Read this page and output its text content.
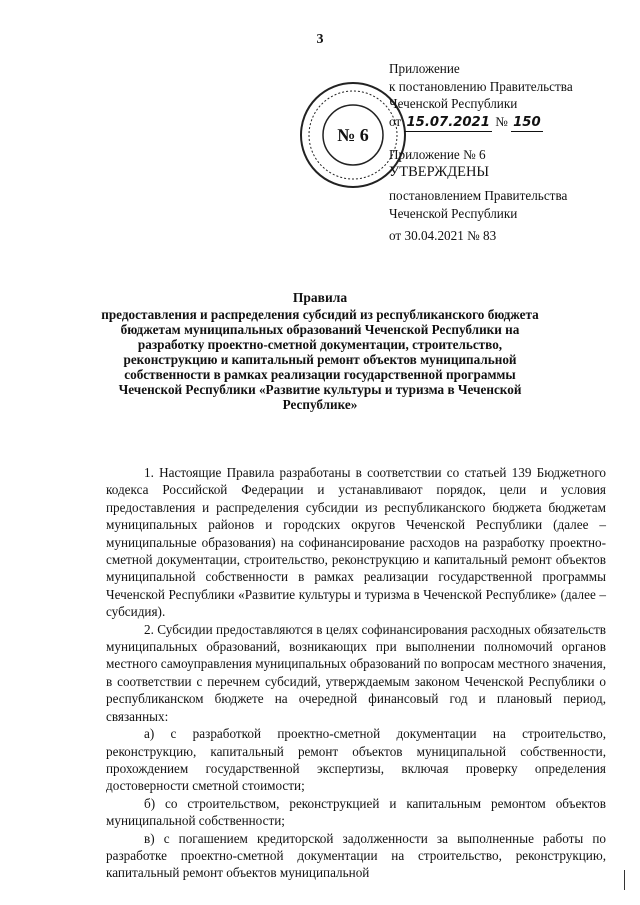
3
№ 6
Приложение
к постановлению Правительства
Чеченской Республики
от 15.07.2021 № 150
Приложение № 6
УТВЕРЖДЕНЫ
постановлением Правительства
Чеченской Республики
от 30.04.2021 № 83
Правила
предоставления и распределения субсидий из республиканского бюджета бюджетам муниципальных образований Чеченской Республики на разработку проектно-сметной документации, строительство, реконструкцию и капитальный ремонт объектов муниципальной собственности в рамках реализации государственной программы Чеченской Республики «Развитие культуры и туризма в Чеченской Республике»

1. Настоящие Правила разработаны в соответствии со статьей 139 Бюджетного кодекса Российской Федерации и устанавливают порядок, цели и условия предоставления и распределения субсидии из республиканского бюджета бюджетам муниципальных районов и городских округов Чеченской Республики (далее – муниципальные образования) на софинансирование расходов на разработку проектно-сметной документации, строительство, реконструкцию и капитальный ремонт объектов муниципальной собственности в рамках реализации государственной программы Чеченской Республики «Развитие культуры и туризма в Чеченской Республике» (далее – субсидия).

2. Субсидии предоставляются в целях софинансирования расходных обязательств муниципальных образований, возникающих при выполнении полномочий органов местного самоуправления муниципальных образований по вопросам местного значения, в соответствии с перечнем субсидий, утверждаемым законом Чеченской Республики о республиканском бюджете на очередной финансовый год и плановый период, связанных:

а) с разработкой проектно-сметной документации на строительство, реконструкцию, капитальный ремонт объектов муниципальной собственности, прохождением государственной экспертизы, включая проверку определения достоверности сметной стоимости;

б) со строительством, реконструкцией и капитальным ремонтом объектов муниципальной собственности;

в) с погашением кредиторской задолженности за выполненные работы по разработке проектно-сметной документации на строительство, реконструкцию, капитальный ремонт объектов муниципальной
